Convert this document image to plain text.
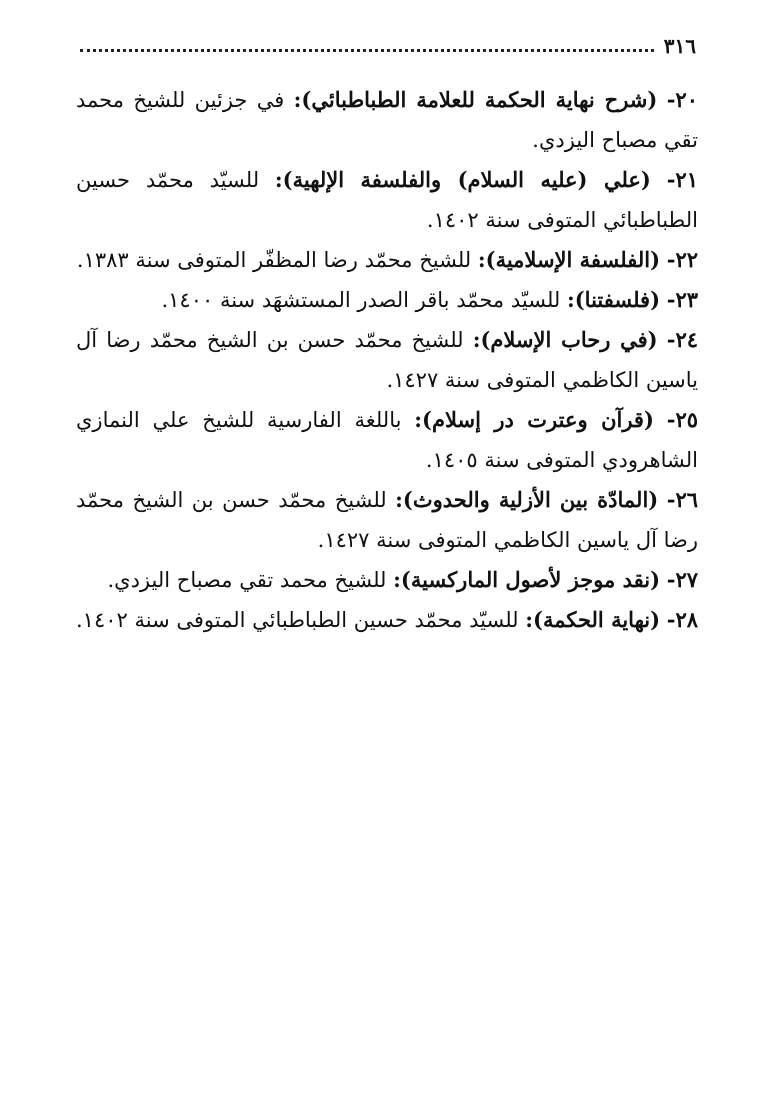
٣١٦

٢٠- (شرح نهاية الحكمة للعلامة الطباطبائي): في جزئين للشيخ محمد تقي مصباح اليزدي.

٢١- (علي (عليه السلام) والفلسفة الإلهية): للسيّد محمّد حسين الطباطبائي المتوفى سنة ١٤٠٢.

٢٢- (الفلسفة الإسلامية): للشيخ محمّد رضا المظفّر المتوفى سنة ١٣٨٣.

٢٣- (فلسفتنا): للسيّد محمّد باقر الصدر المستشهَد سنة ١٤٠٠.

٢٤- (في رحاب الإسلام): للشيخ محمّد حسن بن الشيخ محمّد رضا آل ياسين الكاظمي المتوفى سنة ١٤٢٧.

٢٥- (قرآن وعترت در إسلام): باللغة الفارسية للشيخ علي النمازي الشاهرودي المتوفى سنة ١٤٠٥.

٢٦- (المادّة بين الأزلية والحدوث): للشيخ محمّد حسن بن الشيخ محمّد رضا آل ياسين الكاظمي المتوفى سنة ١٤٢٧.

٢٧- (نقد موجز لأصول الماركسية): للشيخ محمد تقي مصباح اليزدي.

٢٨- (نهاية الحكمة): للسيّد محمّد حسين الطباطبائي المتوفى سنة ١٤٠٢.
